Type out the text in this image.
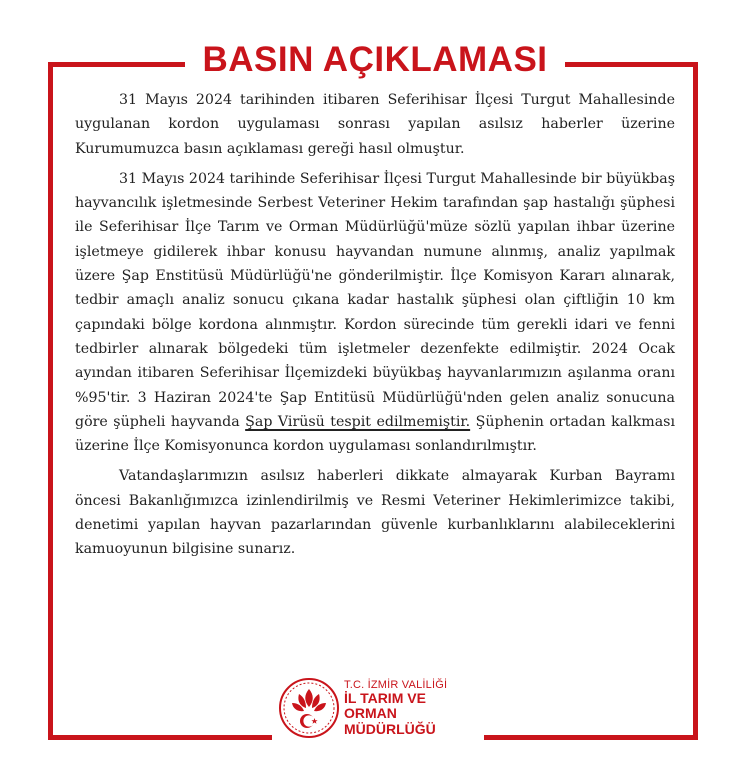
BASIN AÇIKLAMASI

31 Mayıs 2024 tarihinden itibaren Seferihisar İlçesi Turgut Mahallesinde uygulanan kordon uygulaması sonrası yapılan asılsız haberler üzerine Kurumumuzca basın açıklaması gereği hasıl olmuştur.

31 Mayıs 2024 tarihinde Seferihisar İlçesi Turgut Mahallesinde bir büyükbaş hayvancılık işletmesinde Serbest Veteriner Hekim tarafından şap hastalığı şüphesi ile Seferihisar İlçe Tarım ve Orman Müdürlüğü'müze sözlü yapılan ihbar üzerine işletmeye gidilerek ihbar konusu hayvandan numune alınmış, analiz yapılmak üzere Şap Enstitüsü Müdürlüğü'ne gönderilmiştir. İlçe Komisyon Kararı alınarak, tedbir amaçlı analiz sonucu çıkana kadar hastalık şüphesi olan çiftliğin 10 km çapındaki bölge kordona alınmıştır. Kordon sürecinde tüm gerekli idari ve fenni tedbirler alınarak bölgedeki tüm işletmeler dezenfekte edilmiştir. 2024 Ocak ayından itibaren Seferihisar İlçemizdeki büyükbaş hayvanlarımızın aşılanma oranı %95'tir. 3 Haziran 2024'te Şap Entitüsü Müdürlüğü'nden gelen analiz sonucuna göre şüpheli hayvanda Şap Virüsü tespit edilmemiştir. Şüphenin ortadan kalkması üzerine İlçe Komisyonunca kordon uygulaması sonlandırılmıştır.

Vatandaşlarımızın asılsız haberleri dikkate almayarak Kurban Bayramı öncesi Bakanlığımızca izinlendirilmiş ve Resmi Veteriner Hekimlerimizce takibi, denetimi yapılan hayvan pazarlarından güvenle kurbanlıklarını alabileceklerini kamuoyunun bilgisine sunarız.

T.C. İZMİR VALİLİĞİ
İL TARIM VE ORMAN
MÜDÜRLÜĞÜ
